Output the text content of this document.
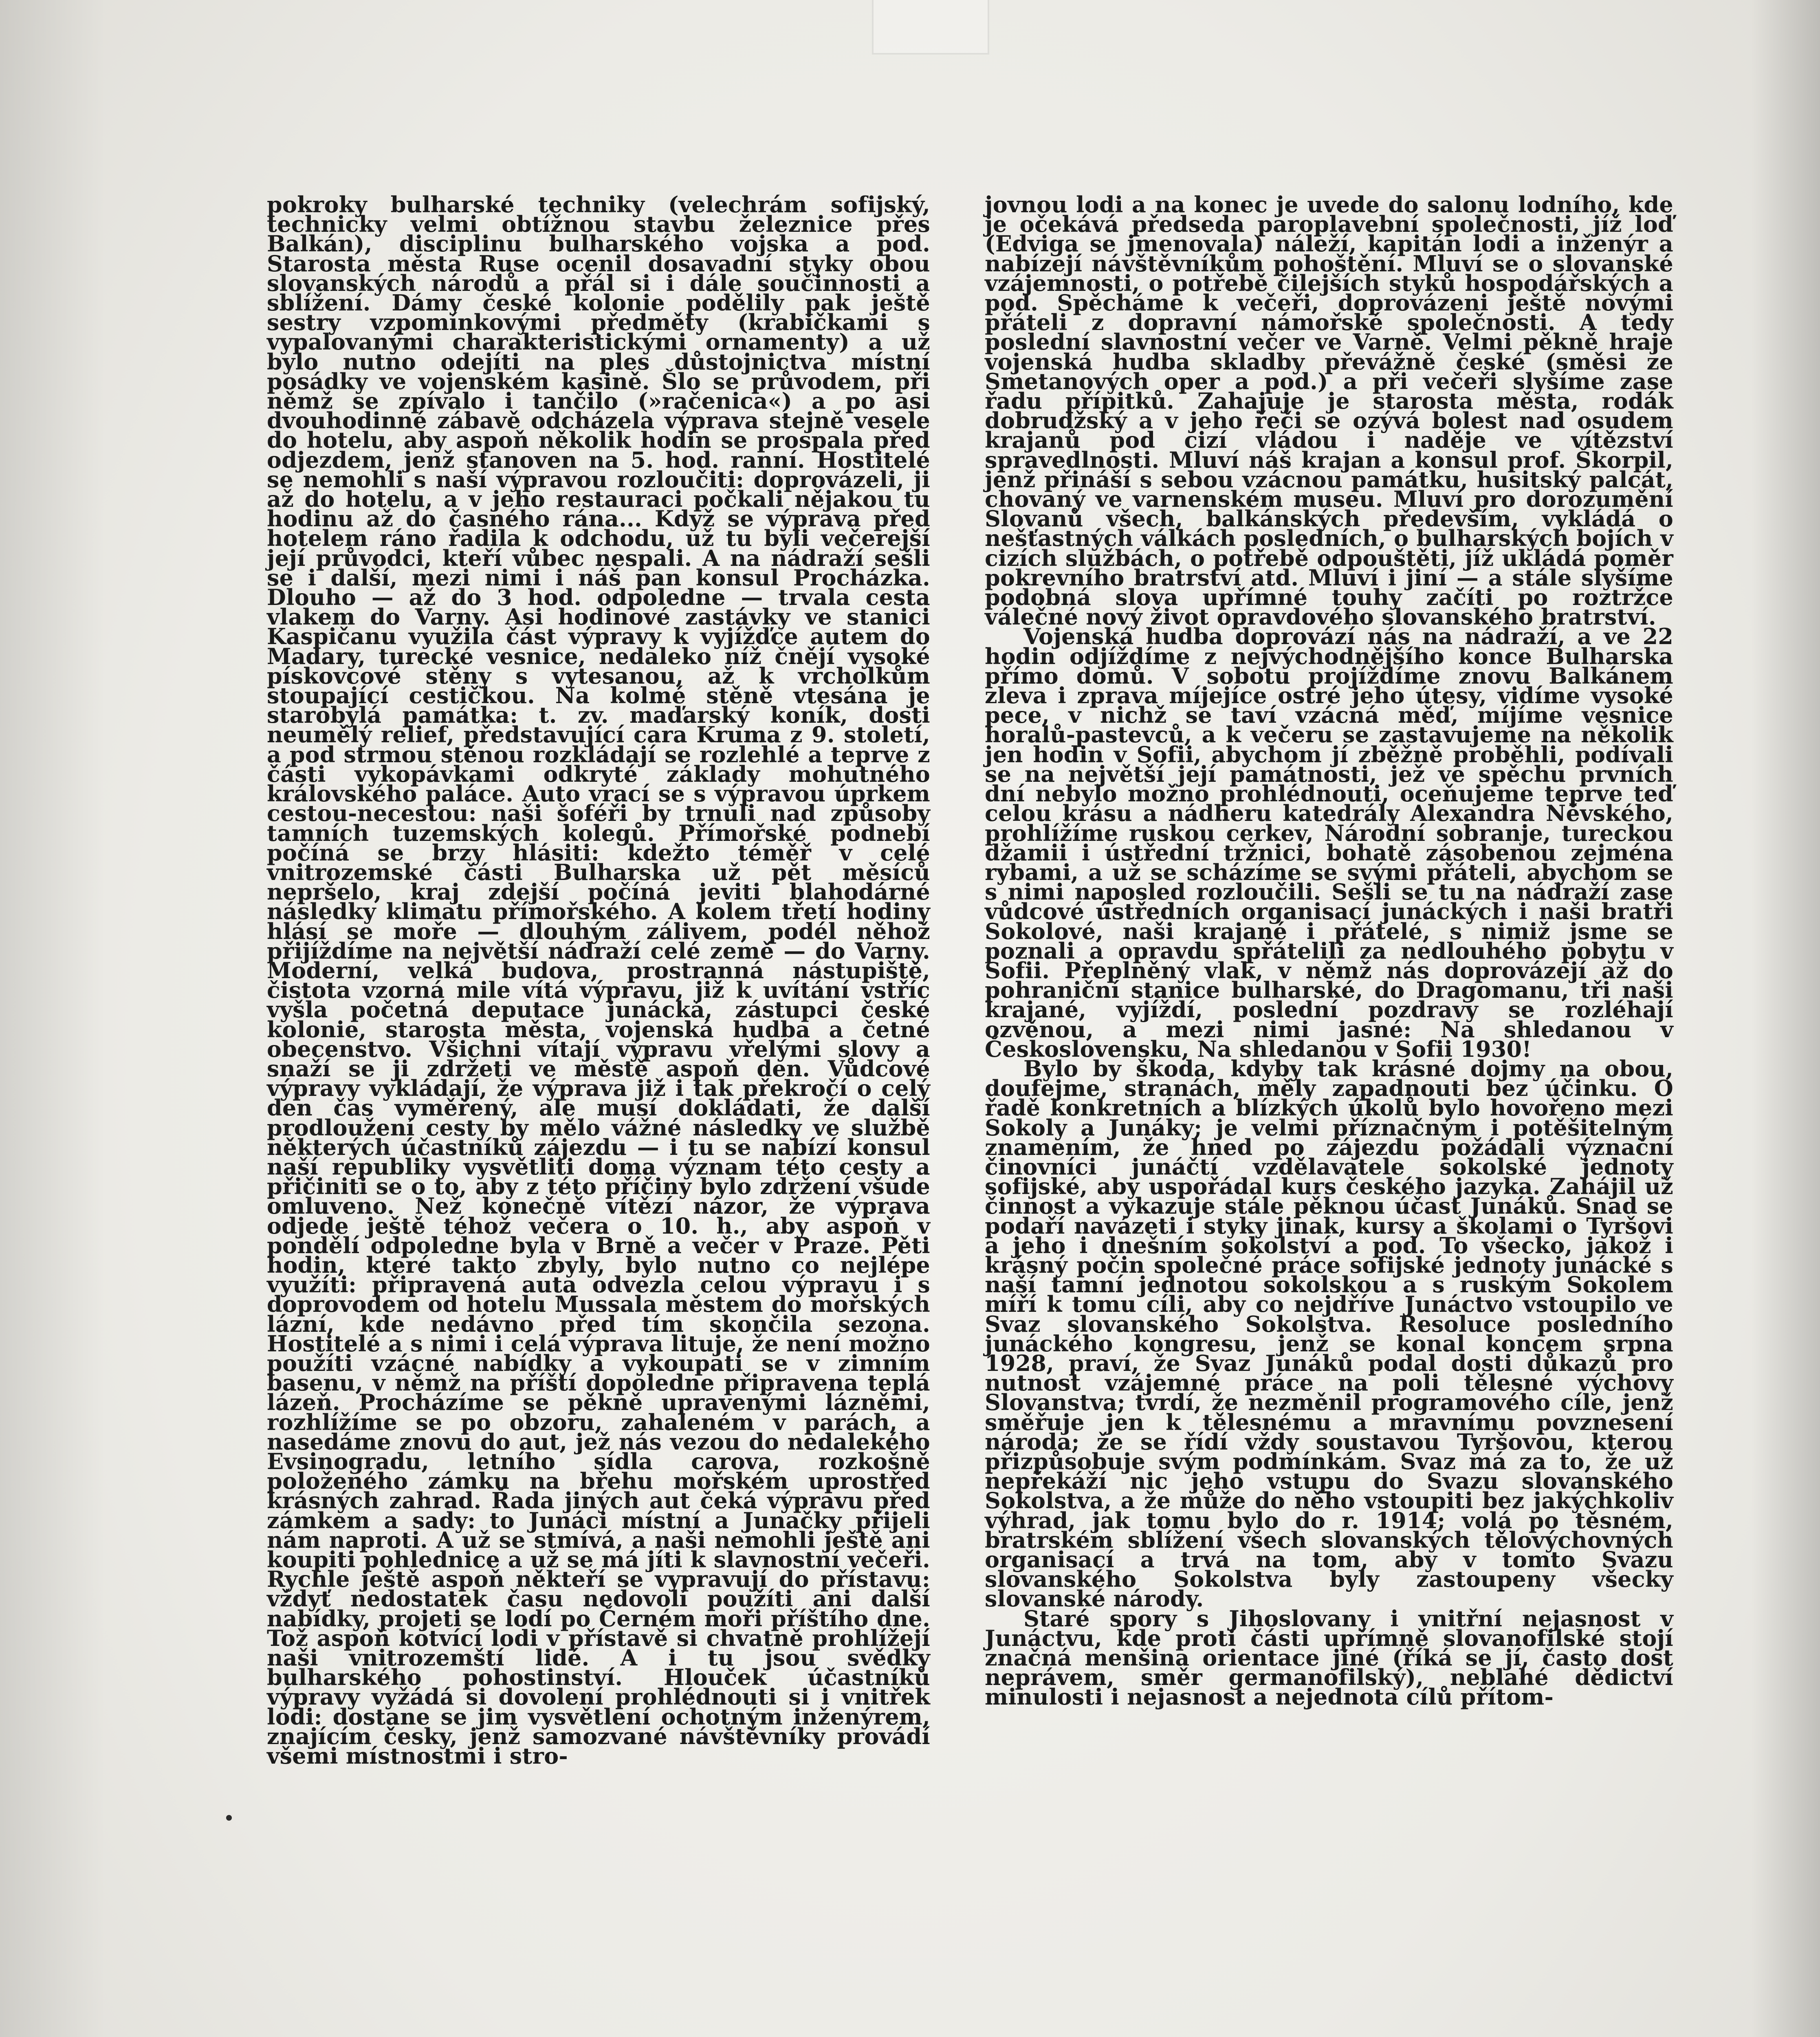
pokroky bulharské techniky (velechrám sofijský, technicky velmi obtížnou stavbu železnice přes Balkán), disciplinu bulharského vojska a pod. Starosta města Ruse ocenil dosavadní styky obou slovanských národů a přál si i dále součinnosti a sblížení. Dámy české kolonie podělily pak ještě sestry vzpomínkovými předměty (krabičkami s vypalovanými charakteristickými ornamenty) a už bylo nutno odejíti na ples důstojnictva místní posádky ve vojenském kasině. Šlo se průvodem, při němž se zpívalo i tančilo (»račenica«) a po asi dvouhodinné zábavě odcházela výprava stejně vesele do hotelu, aby aspoň několik hodin se prospala před odjezdem, jenž stanoven na 5. hod. ranní. Hostitelé se nemohli s naší výpravou rozloučiti: doprovázeli, ji až do hotelu, a v jeho restauraci počkali nějakou tu hodinu až do časného rána... Když se výprava před hotelem ráno řadila k odchodu, už tu byli večerejší její průvodci, kteří vůbec nespali. A na nádraží sešli se i další, mezi nimi i náš pan konsul Procházka. Dlouho — až do 3 hod. odpoledne — trvala cesta vlakem do Varny. Asi hodinové zastávky ve stanici Kaspičanu využila část výpravy k vyjížďce autem do Madary, turecké vesnice, nedaleko níž čnějí vysoké pískovcové stěny s vytesanou, až k vrcholkům stoupající cestičkou. Na kolmé stěně vtesána je starobylá památka: t. zv. maďarský koník, dosti neumělý relief, představující cara Kruma z 9. století, a pod strmou stěnou rozkládají se rozlehlé a teprve z části vykopávkami odkryté základy mohutného královského paláce. Auto vrací se s výpravou úprkem cestou-necestou: naši šoféři by trnuli nad způsoby tamních tuzemských kolegů. Přímořské podnebí počíná se brzy hlásiti: kdežto téměř v celé vnitrozemské části Bulharska už pět měsíců nepršelo, kraj zdejší počíná jeviti blahodárné následky klimatu přímořského. A kolem třetí hodiny hlásí se moře — dlouhým zálivem, podél něhož přijíždíme na největší nádraží celé země — do Varny. Moderní, velká budova, prostranná nástupiště, čistota vzorná mile vítá výpravu, již k uvítání vstříc vyšla početná deputace junácká, zástupci české kolonie, starosta města, vojenská hudba a četné obecenstvo. Všichni vítají výpravu vřelými slovy a snaží se ji zdržeti ve městě aspoň den. Vůdcové výpravy vykládají, že výprava již i tak překročí o celý den čas vyměřený, ale musí dokládati, že další prodloužení cesty by mělo vážné následky ve službě některých účastníků zájezdu — i tu se nabízí konsul naší republiky vysvětliti doma význam této cesty a přičiniti se o to, aby z této příčiny bylo zdržení všude omluveno. Než konečně vítězí názor, že výprava odjede ještě téhož večera o 10. h., aby aspoň v pondělí odpoledne byla v Brně a večer v Praze. Pěti hodin, které takto zbyly, bylo nutno co nejlépe využíti: připravená auta odvezla celou výpravu i s doprovodem od hotelu Mussala městem do mořských lázní, kde nedávno před tím skončila sezona. Hostitelé a s nimi i celá výprava lituje, že není možno použíti vzácné nabídky a vykoupati se v zimním basenu, v němž na příští dopoledne připravena teplá lázeň. Procházíme se pěkně upravenými lázněmi, rozhlížíme se po obzoru, zahaleném v parách, a nasedáme znovu do aut, jež nás vezou do nedalekého Evsinogradu, letního sídla carova, rozkošně položeného zámku na břehu mořském uprostřed krásných zahrad. Řada jiných aut čeká výpravu před zámkem a sady: to Junáci místní a Junačky přijeli nám naproti. A už se stmívá, a naši nemohli ještě ani koupiti pohlednice a už se má jíti k slavnostní večeři. Rychle ještě aspoň někteří se vypravují do přístavu: vždyť nedostatek času nedovolí použíti ani další nabídky, projeti se lodí po Černém moři příštího dne. Tož aspoň kotvící lodi v přístavě si chvatně prohlížejí naši vnitrozemští lidé. A i tu jsou svědky bulharského pohostinství. Hlouček účastníků výpravy vyžádá si dovolení prohlédnouti si i vnitřek lodi: dostane se jim vysvětlení ochotným inženýrem, znajícím česky, jenž samozvané návštěvníky provádí všemi místnostmi i stro-

jovnou lodi a na konec je uvede do salonu lodního, kde je očekává předseda paroplavební společnosti, jíž loď (Edviga se jmenovala) náleží, kapitán lodi a inženýr a nabízejí návštěvníkům pohoštění. Mluví se o slovanské vzájemnosti, o potřebě čilejších styků hospodářských a pod. Spěcháme k večeři, doprovázeni ještě novými přáteli z dopravní námořské společnosti. A tedy poslední slavnostní večer ve Varně. Velmi pěkně hraje vojenská hudba skladby převážně české (směsi ze Smetanových oper a pod.) a při večeři slyšíme zase řadu přípitků. Zahajuje je starosta města, rodák dobrudžský a v jeho řeči se ozývá bolest nad osudem krajanů pod cizí vládou i naděje ve vítězství spravedlnosti. Mluví náš krajan a konsul prof. Škorpil, jenž přináší s sebou vzácnou památku, husitský palcát, chovaný ve varnenském museu. Mluví pro dorozumění Slovanů všech, balkánských především, vykládá o nešťastných válkách posledních, o bulharských bojích v cizích službách, o potřebě odpouštěti, jíž ukládá poměr pokrevního bratrství atd. Mluví i jiní — a stále slyšíme podobná slova upřímné touhy začíti po roztržce válečné nový život opravdového slovanského bratrství.

Vojenská hudba doprovází nás na nádraží, a ve 22 hodin odjíždíme z nejvýchodnějšího konce Bulharska přímo domů. V sobotu projíždíme znovu Balkánem zleva i zprava míjejíce ostré jeho útesy, vidíme vysoké pece, v nichž se taví vzácná měď, míjíme vesnice horalů-pastevců, a k večeru se zastavujeme na několik jen hodin v Sofii, abychom jí zběžně proběhli, podívali se na největší její památnosti, jež ve spěchu prvních dní nebylo možno prohlédnouti, oceňujeme teprve teď celou krásu a nádheru katedrály Alexandra Něvského, prohlížíme ruskou cerkev, Národní sobranje, tureckou džamii i ústřední tržnici, bohatě zásobenou zejména rybami, a už se scházíme se svými přáteli, abychom se s nimi naposled rozloučili. Sešli se tu na nádraží zase vůdcové ústředních organisací junáckých i naši bratři Sokolové, naši krajané i přátelé, s nimiž jsme se poznali a opravdu spřátelili za nedlouhého pobytu v Sofii. Přeplněný vlak, v němž nás doprovázejí až do pohraniční stanice bulharské, do Dragomanu, tři naši krajané, vyjíždí, poslední pozdravy se rozléhají ozvěnou, a mezi nimi jasné: Na shledanou v Československu, Na shledanou v Sofii 1930!

Bylo by škoda, kdyby tak krásné dojmy na obou, doufejme, stranách, měly zapadnouti bez účinku. O řadě konkretních a blízkých úkolů bylo hovořeno mezi Sokoly a Junáky; je velmi příznačným i potěšitelným znamením, že hned po zájezdu požádali význační činovníci junáčtí vzdělavatele sokolské jednoty sofijské, aby uspořádal kurs českého jazyka. Zahájil už činnost a vykazuje stále pěknou účast Junáků. Snad se podaří navázeti i styky jinak, kursy a školami o Tyršovi a jeho i dnešním sokolství a pod. To všecko, jakož i krásný počin společné práce sofijské jednoty junácké s naší tamní jednotou sokolskou a s ruským Sokolem míří k tomu cíli, aby co nejdříve Junáctvo vstoupilo ve Svaz slovanského Sokolstva. Resoluce posledního junáckého kongresu, jenž se konal koncem srpna 1928, praví, že Svaz Junáků podal dosti důkazů pro nutnost vzájemné práce na poli tělesné výchovy Slovanstva; tvrdí, že nezměnil programového cíle, jenž směřuje jen k tělesnému a mravnímu povznesení národa; že se řídí vždy soustavou Tyršovou, kterou přizpůsobuje svým podmínkám. Svaz má za to, že už nepřekáží nic jeho vstupu do Svazu slovanského Sokolstva, a že může do něho vstoupiti bez jakýchkoliv výhrad, jak tomu bylo do r. 1914; volá po těsném, bratrském sblížení všech slovanských tělovýchovných organisací a trvá na tom, aby v tomto Svazu slovanského Sokolstva byly zastoupeny všecky slovanské národy.

Staré spory s Jihoslovany i vnitřní nejasnost v Junáctvu, kde proti části upřímně slovanofilské stojí značná menšina orientace jiné (říká se jí, často dost neprávem, směr germanofilský), neblahé dědictví minulosti i nejasnost a nejednota cílů přítom-
